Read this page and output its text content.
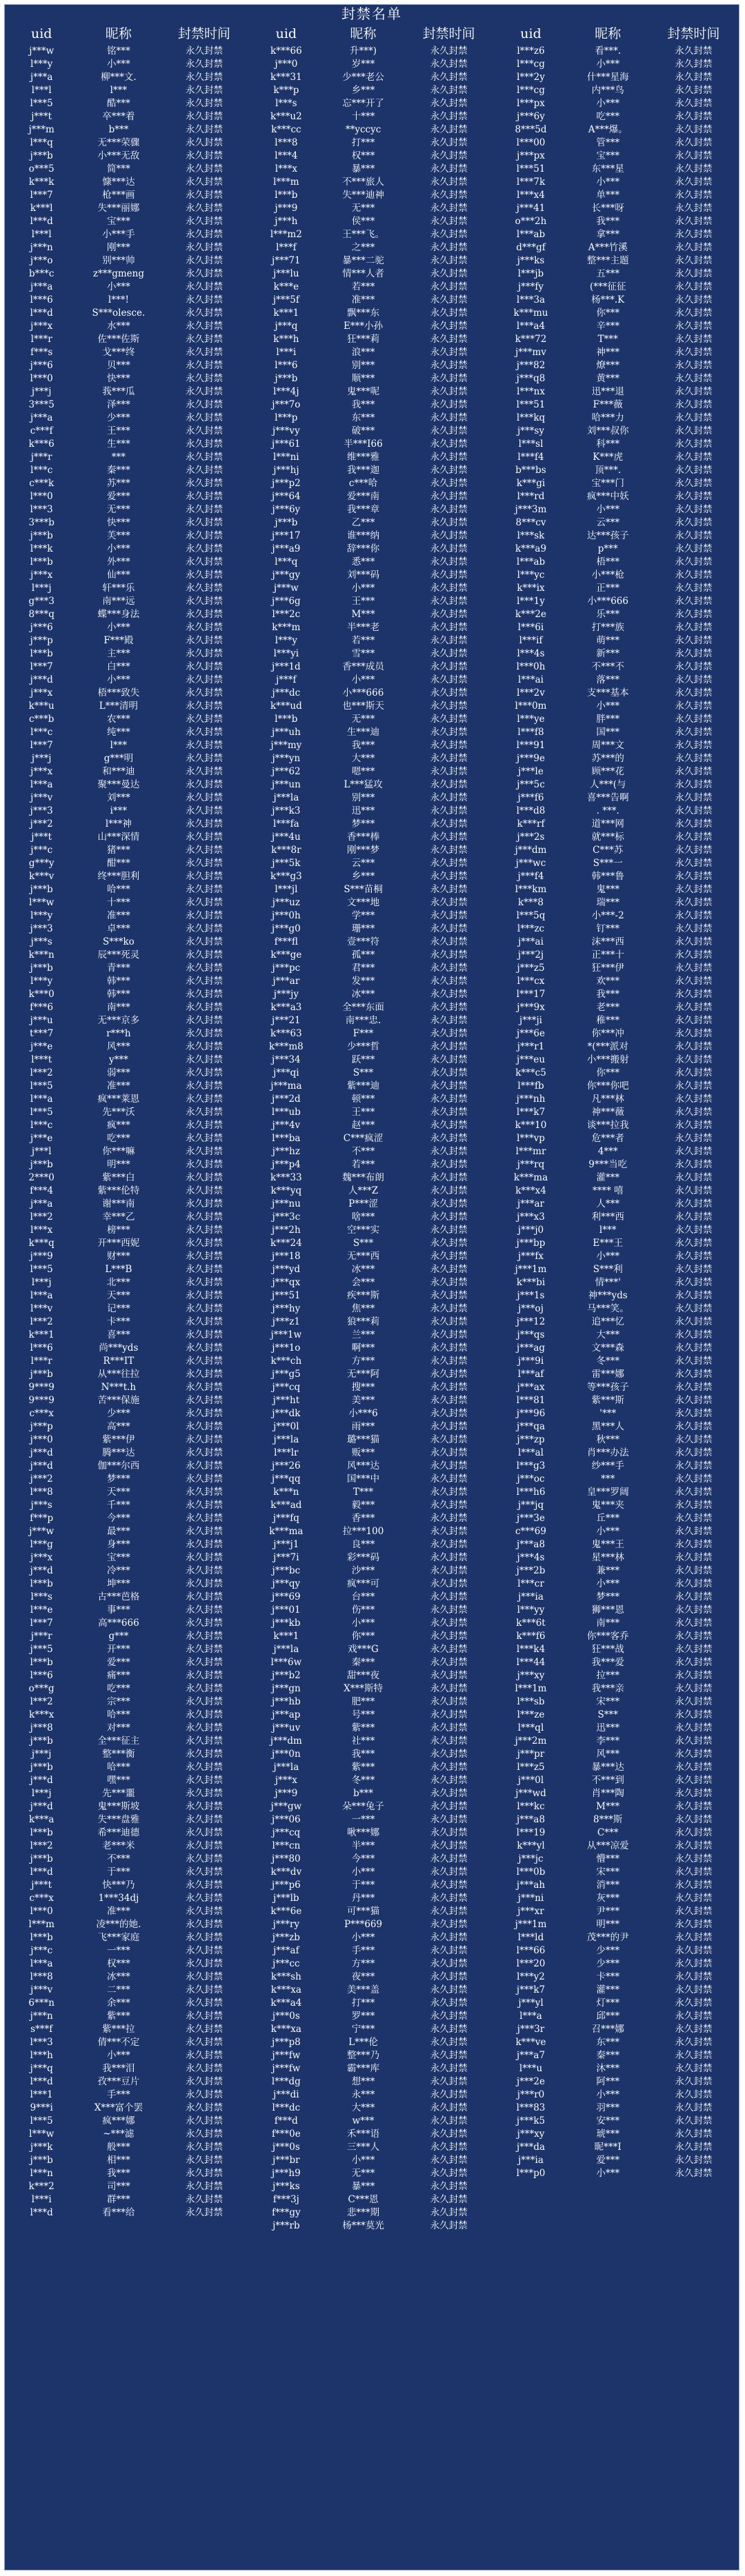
封禁名单
uid	昵称	封禁时间
j***w	铭***	永久封禁
l***y	小***	永久封禁
j***a	柳***文.	永久封禁
l***l	l***	永久封禁
l***5	酷***	永久封禁
j***t	卒***着	永久封禁
j***m	b***	永久封禁
l***q	无***荣骤	永久封禁
j***b	小***无敌	永久封禁
o***5	简***	永久封禁
k***k	慷***达	永久封禁
l***7	枪***画	永久封禁
k***l	失***丽娜	永久封禁
l***d	宝***	永久封禁
l***l	小***手	永久封禁
j***n	刚***	永久封禁
j***o	别***帅	永久封禁
b***c	z***gmeng	永久封禁
j***a	小***	永久封禁
l***6	l***!	永久封禁
l***d	S***olesce.	永久封禁
j***x	水***	永久封禁
l***r	佐***佐斯	永久封禁
f***s	戈***终	永久封禁
j***6	贝***	永久封禁
l***0	快***	永久封禁
j***j	莪***瓜	永久封禁
3***5	泽***	永久封禁
j***a	少***	永久封禁
c***f	王***	永久封禁
k***6	生***	永久封禁
j***r	***	永久封禁
l***c	秦***	永久封禁
c***k	苏***	永久封禁
l***0	爱***	永久封禁
l***3	无***	永久封禁
3***b	快***	永久封禁
j***b	芙***	永久封禁
l***k	小***	永久封禁
l***b	外***	永久封禁
j***x	仙***	永久封禁
l***j	轩***乐	永久封禁
g***3	南***远	永久封禁
8***q	蝶***身法	永久封禁
j***6	小***	永久封禁
j***p	F***殿	永久封禁
l***b	主***	永久封禁
l***7	白***	永久封禁
j***d	小***	永久封禁
j***x	梧***致失	永久封禁
k***u	L***清明	永久封禁
c***b	农***	永久封禁
l***c	纯***	永久封禁
l***7	l***	永久封禁
j***j	g***明	永久封禁
j***x	和***迪	永久封禁
l***a	聚***曼达	永久封禁
j***v	刘***	永久封禁
j***3	i***	永久封禁
j***2	l***神	永久封禁
j***t	山***深情	永久封禁
j***c	猪***	永久封禁
g***y	酣***	永久封禁
k***v	终***胆利	永久封禁
j***b	哈***	永久封禁
l***w	十***	永久封禁
l***y	准***	永久封禁
j***3	卓***	永久封禁
j***s	S***ko	永久封禁
k***n	辰***死灵	永久封禁
j***b	青***	永久封禁
l***y	韩***	永久封禁
k***0	韩***	永久封禁
f***6	南***	永久封禁
j***u	无***京多	永久封禁
t***7	r***h	永久封禁
j***e	风***	永久封禁
l***t	y***	永久封禁
l***2	弱***	永久封禁
l***5	准***	永久封禁
l***a	疯***莱恩	永久封禁
l***5	先***沃	永久封禁
l***c	疯***	永久封禁
j***e	吃***	永久封禁
j***l	你***嘛	永久封禁
j***b	明***	永久封禁
2***0	紫***白	永久封禁
f***4	紫***伦特	永久封禁
j***a	谢***南	永久封禁
l***2	幸***乙	永久封禁
l***x	榜***	永久封禁
k***q	开***西妮	永久封禁
j***9	财***	永久封禁
l***5	L***B	永久封禁
l***j	北***	永久封禁
l***a	天***	永久封禁
l***v	记***	永久封禁
l***2	卡***	永久封禁
k***1	喜***	永久封禁
l***6	尚***yds	永久封禁
l***r	R***IT	永久封禁
j***b	从***往拉	永久封禁
9***9	N***t.h	永久封禁
9***9	苦***保施	永久封禁
c***x	少***	永久封禁
j***p	高***	永久封禁
j***0	紫***伊	永久封禁
j***d	腾***达	永久封禁
j***d	伽***尔西	永久封禁
j***2	梦***	永久封禁
l***8	天***	永久封禁
j***s	千***	永久封禁
f***p	今***	永久封禁
j***w	最***	永久封禁
l***g	身***	永久封禁
j***x	宝***	永久封禁
j***d	冷***	永久封禁
l***b	坤***	永久封禁
l***s	古***芭格	永久封禁
l***e	事***	永久封禁
l***7	高***666	永久封禁
j***r	g***	永久封禁
j***5	开***	永久封禁
l***b	爱***	永久封禁
l***6	痛***	永久封禁
o***g	吃***	永久封禁
l***2	宗***	永久封禁
k***x	哈***	永久封禁
j***8	对***	永久封禁
j***b	全***征主	永久封禁
j***j	整***衡	永久封禁
j***b	哈***	永久封禁
j***d	嘿***	永久封禁
l***j	先***噩	永久封禁
j***d	鬼***斯坡	永久封禁
k***a	失***盘雅	永久封禁
l***b	希***迪德	永久封禁
l***2	老***米	永久封禁
j***b	不***	永久封禁
l***d	于***	永久封禁
j***t	快***乃	永久封禁
c***x	1***34dj	永久封禁
l***0	准***	永久封禁
l***m	凌***的她.	永久封禁
l***b	飞***家庭	永久封禁
j***c	一***	永久封禁
l***a	权***	永久封禁
l***8	冰***	永久封禁
j***v	二***	永久封禁
6***n	余***	永久封禁
j***n	紫***	永久封禁
s***f	紫***拉	永久封禁
l***3	倩***不定	永久封禁
l***h	小***	永久封禁
j***q	我***泪	永久封禁
l***d	孜***豆片	永久封禁
l***1	手***	永久封禁
9***i	X***富个罢	永久封禁
l***5	疯***娜	永久封禁
l***w	~***滤	永久封禁
j***k	般***	永久封禁
j***b	相***	永久封禁
l***n	我***	永久封禁
k***2	司***	永久封禁
l***i	群***	永久封禁
l***d	看***给	永久封禁
uid	昵称	封禁时间
k***66	升***)	永久封禁
j***0	岁***	永久封禁
k***31	少***老公	永久封禁
k***p	乡***	永久封禁
l***s	忘***开了	永久封禁
k***u2	十***	永久封禁
k***cc	**yccyc	永久封禁
l***8	打***	永久封禁
l***4	权***	永久封禁
l***x	暴***	永久封禁
l***m	不***旅人	永久封禁
l***b	失***迪神	永久封禁
j***9	无***	永久封禁
j***h	侯***	永久封禁
l***m2	王***飞。	永久封禁
l***f	之***	永久封禁
j***71	暴***二驼	永久封禁
j***lu	情***人者	永久封禁
k***e	若***	永久封禁
j***5f	准***	永久封禁
k***1	飘***东	永久封禁
j***q	E***小孙	永久封禁
k***h	狂***莉	永久封禁
l***i	浪***	永久封禁
l***6	别***	永久封禁
j***b	顺***	永久封禁
l***4j	鬼***呢	永久封禁
j***7o	我***	永久封禁
l***p	东***	永久封禁
j***vy	破***	永久封禁
j***61	半***I66	永久封禁
l***ni	维***雅	永久封禁
j***hj	我***迦	永久封禁
j***p2	c***哈	永久封禁
j***64	爱***南	永久封禁
j***6y	我***章	永久封禁
j***b	乙***	永久封禁
j***17	谁***纳	永久封禁
j***a9	辞***你	永久封禁
l***q	悉***	永久封禁
j***gy	刘***码	永久封禁
j***w	小***	永久封禁
j***6g	王***	永久封禁
l***2c	M***	永久封禁
k***m	半***老	永久封禁
l***y	若***	永久封禁
l***yi	雪***	永久封禁
j***1d	香***成员	永久封禁
j***f	小***	永久封禁
j***dc	小***666	永久封禁
k***ud	也***斯天	永久封禁
l***b	无***	永久封禁
j***uh	生***迪	永久封禁
j***my	我***	永久封禁
j***yn	大***	永久封禁
j***62	嗯***	永久封禁
j***un	L***猛攻	永久封禁
j***la	别***	永久封禁
j***k3	迅***	永久封禁
l***fa	梦***	永久封禁
j***4u	香***棒	永久封禁
k***8r	刚***梦	永久封禁
j***5k	云***	永久封禁
k***g3	乡***	永久封禁
l***jl	S***苗桐	永久封禁
j***uz	文***地	永久封禁
j***0h	学***	永久封禁
j***g0	珊***	永久封禁
f***fl	壹***符	永久封禁
k***ge	孤***	永久封禁
j***pc	君***	永久封禁
j***ar	发***	永久封禁
j***jy	冰***	永久封禁
k***a3	全***东面	永久封禁
j***21	南***忠.	永久封禁
k***63	F***	永久封禁
k***m8	少***哲	永久封禁
j***34	跃***	永久封禁
j***qi	S***	永久封禁
j***ma	紫***迪	永久封禁
j***2d	顿***	永久封禁
l***ub	王***	永久封禁
j***4v	赵***	永久封禁
l***ba	C***疯涩	永久封禁
j***hz	不***	永久封禁
j***p4	若***	永久封禁
k***33	魏***布朗	永久封禁
k***yq	人***Z	永久封禁
j***nu	P***涩	永久封禁
j***3c	啥***	永久封禁
j***2h	空***实	永久封禁
k***24	S***	永久封禁
j***18	无***西	永久封禁
j***yd	冰***	永久封禁
j***qx	会***	永久封禁
j***51	疾***斯	永久封禁
j***hy	焦***	永久封禁
j***z1	狼***莉	永久封禁
j***1w	兰***	永久封禁
j***1o	啊***	永久封禁
k***ch	方***	永久封禁
j***g5	无***阿	永久封禁
j***cq	搜***	永久封禁
j***ht	美***	永久封禁
j***dk	小***6	永久封禁
j***0l	雨***	永久封禁
j***la	璐***猫	永久封禁
l***lr	贩***	永久封禁
j***26	风***达	永久封禁
j***qq	国***中	永久封禁
k***n	T***	永久封禁
k***ad	毅***	永久封禁
j***fq	香***	永久封禁
k***ma	拉***100	永久封禁
j***j1	良***	永久封禁
j***7i	彩***码	永久封禁
j***bc	沙***	永久封禁
j***qy	疯***可	永久封禁
j***69	台***	永久封禁
j***01	伤***	永久封禁
j***kb	小***	永久封禁
k***1	你***	永久封禁
j***la	戏***G	永久封禁
l***6w	秦***	永久封禁
j***b2	甜***夜	永久封禁
j***gn	X***斯特	永久封禁
j***hb	肥***	永久封禁
j***ap	号***	永久封禁
j***uv	紫***	永久封禁
j***dm	社***	永久封禁
j***0n	我***	永久封禁
j***la	紫***	永久封禁
j***x	冬***	永久封禁
j***9	b***	永久封禁
j***gw	朵***兔子	永久封禁
j***06	一***	永久封禁
j***cq	啾***娜	永久封禁
l***cn	半***	永久封禁
j***80	今***	永久封禁
k***dv	小***	永久封禁
j***p6	于***	永久封禁
j***lb	丹***	永久封禁
k***6e	可***猫	永久封禁
j***ry	P***669	永久封禁
j***zb	小***	永久封禁
j***af	手***	永久封禁
j***cc	方***	永久封禁
k***sh	夜***	永久封禁
k***xa	美***盖	永久封禁
k***a4	打***	永久封禁
j***0s	罗***	永久封禁
k***xa	宁***	永久封禁
j***p8	L***伦	永久封禁
j***fw	整***乃	永久封禁
j***fw	霸***库	永久封禁
l***dg	想***	永久封禁
j***di	永***	永久封禁
l***dc	大***	永久封禁
f***d	w***	永久封禁
f***0e	禾***语	永久封禁
j***0s	三***人	永久封禁
j***br	小***	永久封禁
j***h9	无***	永久封禁
j***ks	暴***	永久封禁
f***3j	C***恩	永久封禁
f***gy	悲***期	永久封禁
j***rb	杨***莫光	永久封禁
uid	昵称	封禁时间
l***z6	看***.	永久封禁
l***cg	小***	永久封禁
l***2y	什***星海	永久封禁
l***cg	内***鸟	永久封禁
l***px	小***	永久封禁
j***6y	吃***	永久封禁
8***5d	A***爆。	永久封禁
l***00	管***	永久封禁
j***px	宝***	永久封禁
l***51	东***星	永久封禁
l***7k	小***	永久封禁
l***x4	单***	永久封禁
j***41	长***呀	永久封禁
o***2h	我***	永久封禁
l***ab	拿***	永久封禁
d***gf	A***竹溪	永久封禁
j***ks	整***主题	永久封禁
l***jb	五***	永久封禁
j***fy	(***征征	永久封禁
l***3a	杨***.K	永久封禁
k***mu	你***	永久封禁
l***a4	辛***	永久封禁
k***72	T***	永久封禁
j***mv	神***	永久封禁
j***82	燎***	永久封禁
j***q8	黄***	永久封禁
l***nx	迅***退	永久封禁
l***51	F***薇	永久封禁
l***kq	哈***力	永久封禁
j***sy	刘***叔你	永久封禁
l***sl	科***	永久封禁
l***f4	K***虎	永久封禁
b***bs	顶***.	永久封禁
k***gi	宝***门	永久封禁
l***rd	疯***中妖	永久封禁
j***3m	小***	永久封禁
8***cv	云***	永久封禁
l***sk	达***孩子	永久封禁
k***a9	p***	永久封禁
l***ab	梧***	永久封禁
l***yc	小***枪	永久封禁
k***ix	正***	永久封禁
l***1y	小***666	永久封禁
k***2e	乐***	永久封禁
l***6i	打***族	永久封禁
l***if	萌***	永久封禁
l***4s	新***	永久封禁
l***0h	不***不	永久封禁
l***ai	落***	永久封禁
l***2v	支***基本	永久封禁
l***0m	小***	永久封禁
l***ye	胖***	永久封禁
l***f8	国***	永久封禁
l***91	周***文	永久封禁
j***9e	苏***的	永久封禁
j***le	顾***花	永久封禁
j***5c	人***(与	永久封禁
j***f6	喜***告啊	永久封禁
l***d8	. ***.	永久封禁
k***rf	道***网	永久封禁
j***2s	就***标	永久封禁
j***dm	C***苏	永久封禁
j***wc	S***一	永久封禁
j***f4	韩***鲁	永久封禁
l***km	鬼***	永久封禁
k***8	瑞***	永久封禁
l***5q	小***-2	永久封禁
l***zc	钉***	永久封禁
j***ai	沫***西	永久封禁
j***2j	正***十	永久封禁
j***z5	狂***伊	永久封禁
l***cx	欢***	永久封禁
l***17	我***	永久封禁
j***9x	老***	永久封禁
j***ji	稚***	永久封禁
j***6e	你***冲	永久封禁
j***r1	*(***派对	永久封禁
j***eu	小***搬射	永久封禁
k***c5	你***	永久封禁
l***fb	你***你吧	永久封禁
j***nh	凡***林	永久封禁
l***k7	神***薇	永久封禁
k***10	谈***拉我	永久封禁
l***vp	危***者	永久封禁
l***mr	4***	永久封禁
j***rq	9***当吃	永久封禁
k***ma	灌***	永久封禁
k***x4	**** 嘻	永久封禁
j***ar	人***	永久封禁
j***x3	利***西	永久封禁
j***j0	l***	永久封禁
j***bp	E***王	永久封禁
j***fx	小***	永久封禁
j***1m	S***利	永久封禁
k***bi	情***'	永久封禁
j***1s	神***yds	永久封禁
j***oj	马***笑。	永久封禁
j***12	追***忆	永久封禁
j***qs	大***	永久封禁
j***ag	文***森	永久封禁
j***9i	冬***	永久封禁
l***af	雷***娜	永久封禁
j***ax	等***孩子	永久封禁
l***81	紫***斯	永久封禁
j***96	'***	永久封禁
j***qa	黑***人	永久封禁
j***zp	秋***	永久封禁
l***al	肖***办法	永久封禁
l***g3	纱***手	永久封禁
j***oc	***	永久封禁
l***h6	皇***罗阔	永久封禁
j***jq	鬼***夹	永久封禁
j***3e	丘***	永久封禁
c***69	小***	永久封禁
j***a8	鬼***王	永久封禁
j***4s	星***林	永久封禁
j***2b	兼***	永久封禁
l***cr	小***	永久封禁
j***ia	梦***	永久封禁
l***yy	狮***恩	永久封禁
k***6t	南***	永久封禁
k***f6	你***客乔	永久封禁
l***k4	狂***战	永久封禁
l***44	我***爱	永久封禁
j***xy	拉***	永久封禁
l***1m	我***亲	永久封禁
l***sb	宋***	永久封禁
l***ze	S***	永久封禁
l***ql	迅***	永久封禁
j***2m	李***	永久封禁
j***pr	风***	永久封禁
l***z5	暴***达	永久封禁
j***0l	不***到	永久封禁
j***wd	肖***陶	永久封禁
l***kc	M***	永久封禁
j***a8	8***斯	永久封禁
l***19	C***	永久封禁
k***yl	从***凉爱	永久封禁
j***jc	懵***	永久封禁
l***0b	宋***	永久封禁
j***ah	消***	永久封禁
j***ni	灰***	永久封禁
j***xr	尹***	永久封禁
j***1m	明***	永久封禁
l***ld	茂***的尹	永久封禁
l***66	少***	永久封禁
l***20	少***	永久封禁
l***y2	卡***	永久封禁
j***k7	灌***	永久封禁
j***yl	灯***	永久封禁
l***a	邱***	永久封禁
j***3r	召***娜	永久封禁
k***ve	东***	永久封禁
j***a7	秦***	永久封禁
l***u	沐***	永久封禁
j***2e	阿***	永久封禁
j***r0	小***	永久封禁
l***83	羽***	永久封禁
j***k5	安***	永久封禁
j***xy	琥***	永久封禁
j***da	昵***I	永久封禁
j***ia	爱***	永久封禁
l***p0	小***	永久封禁
